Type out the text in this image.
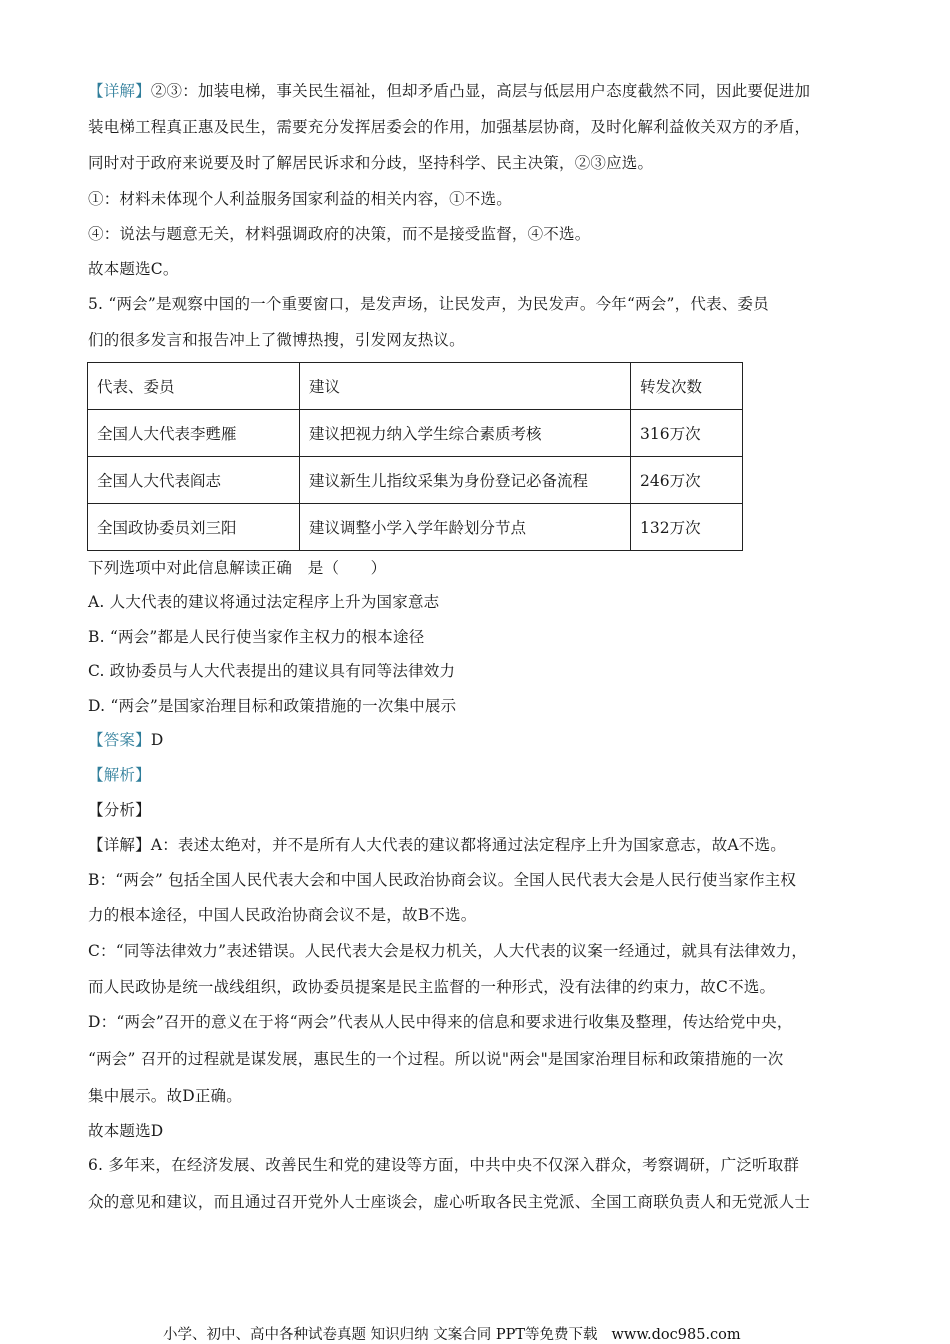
【详解】②③：加装电梯，事关民生福祉，但却矛盾凸显，高层与低层用户态度截然不同，因此要促进加
装电梯工程真正惠及民生，需要充分发挥居委会的作用，加强基层协商，及时化解利益攸关双方的矛盾，
同时对于政府来说要及时了解居民诉求和分歧，坚持科学、民主决策，②③应选。
①：材料未体现个人利益服务国家利益的相关内容，①不选。
④：说法与题意无关，材料强调政府的决策，而不是接受监督，④不选。
故本题选C。
5. “两会”是观察中国的一个重要窗口，是发声场，让民发声，为民发声。今年“两会”，代表、委员
们的很多发言和报告冲上了微博热搜，引发网友热议。
代表、委员	建议	转发次数
全国人大代表李甦雁	建议把视力纳入学生综合素质考核	316万次
全国人大代表阎志	建议新生儿指纹采集为身份登记必备流程	246万次
全国政协委员刘三阳	建议调整小学入学年龄划分节点	132万次
下列选项中对此信息解读正确　是（　　）
A. 人大代表的建议将通过法定程序上升为国家意志
B. “两会”都是人民行使当家作主权力的根本途径
C. 政协委员与人大代表提出的建议具有同等法律效力
D. “两会”是国家治理目标和政策措施的一次集中展示
【答案】D
【解析】
【分析】
【详解】A：表述太绝对，并不是所有人大代表的建议都将通过法定程序上升为国家意志，故A不选。
B：“两会” 包括全国人民代表大会和中国人民政治协商会议。全国人民代表大会是人民行使当家作主权
力的根本途径，中国人民政治协商会议不是，故B不选。
C：“同等法律效力”表述错误。人民代表大会是权力机关，人大代表的议案一经通过，就具有法律效力，
而人民政协是统一战线组织，政协委员提案是民主监督的一种形式，没有法律的约束力，故C不选。
D：“两会”召开的意义在于将“两会”代表从人民中得来的信息和要求进行收集及整理，传达给党中央，
“两会” 召开的过程就是谋发展，惠民生的一个过程。所以说"两会"是国家治理目标和政策措施的一次
集中展示。故D正确。
故本题选D
6. 多年来，在经济发展、改善民生和党的建设等方面，中共中央不仅深入群众，考察调研，广泛听取群
众的意见和建议，而且通过召开党外人士座谈会，虚心听取各民主党派、全国工商联负责人和无党派人士
小学、初中、高中各种试卷真题 知识归纳 文案合同 PPT等免费下载 www.doc985.com
